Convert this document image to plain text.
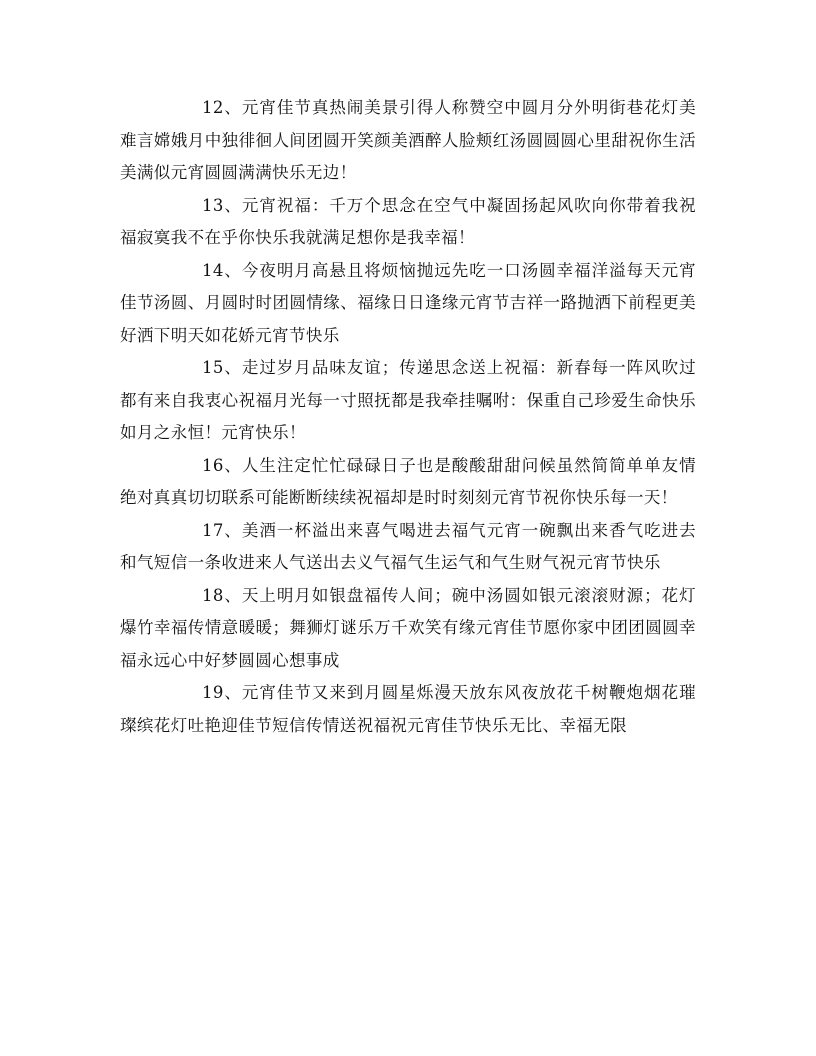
12、元宵佳节真热闹美景引得人称赞空中圆月分外明街巷花灯美难言嫦娥月中独徘徊人间团圆开笑颜美酒醉人脸颊红汤圆圆圆心里甜祝你生活美满似元宵圆圆满满快乐无边！

13、元宵祝福：千万个思念在空气中凝固扬起风吹向你带着我祝福寂寞我不在乎你快乐我就满足想你是我幸福！

14、今夜明月高悬且将烦恼抛远先吃一口汤圆幸福洋溢每天元宵佳节汤圆、月圆时时团圆情缘、福缘日日逢缘元宵节吉祥一路抛洒下前程更美好洒下明天如花娇元宵节快乐

15、走过岁月品味友谊；传递思念送上祝福：新春每一阵风吹过都有来自我衷心祝福月光每一寸照抚都是我牵挂嘱咐：保重自己珍爱生命快乐如月之永恒！元宵快乐！

16、人生注定忙忙碌碌日子也是酸酸甜甜问候虽然简简单单友情绝对真真切切联系可能断断续续祝福却是时时刻刻元宵节祝你快乐每一天！

17、美酒一杯溢出来喜气喝进去福气元宵一碗飘出来香气吃进去和气短信一条收进来人气送出去义气福气生运气和气生财气祝元宵节快乐

18、天上明月如银盘福传人间；碗中汤圆如银元滚滚财源；花灯爆竹幸福传情意暖暖；舞狮灯谜乐万千欢笑有缘元宵佳节愿你家中团团圆圆幸福永远心中好梦圆圆心想事成

19、元宵佳节又来到月圆星烁漫天放东风夜放花千树鞭炮烟花璀璨缤花灯吐艳迎佳节短信传情送祝福祝元宵佳节快乐无比、幸福无限
